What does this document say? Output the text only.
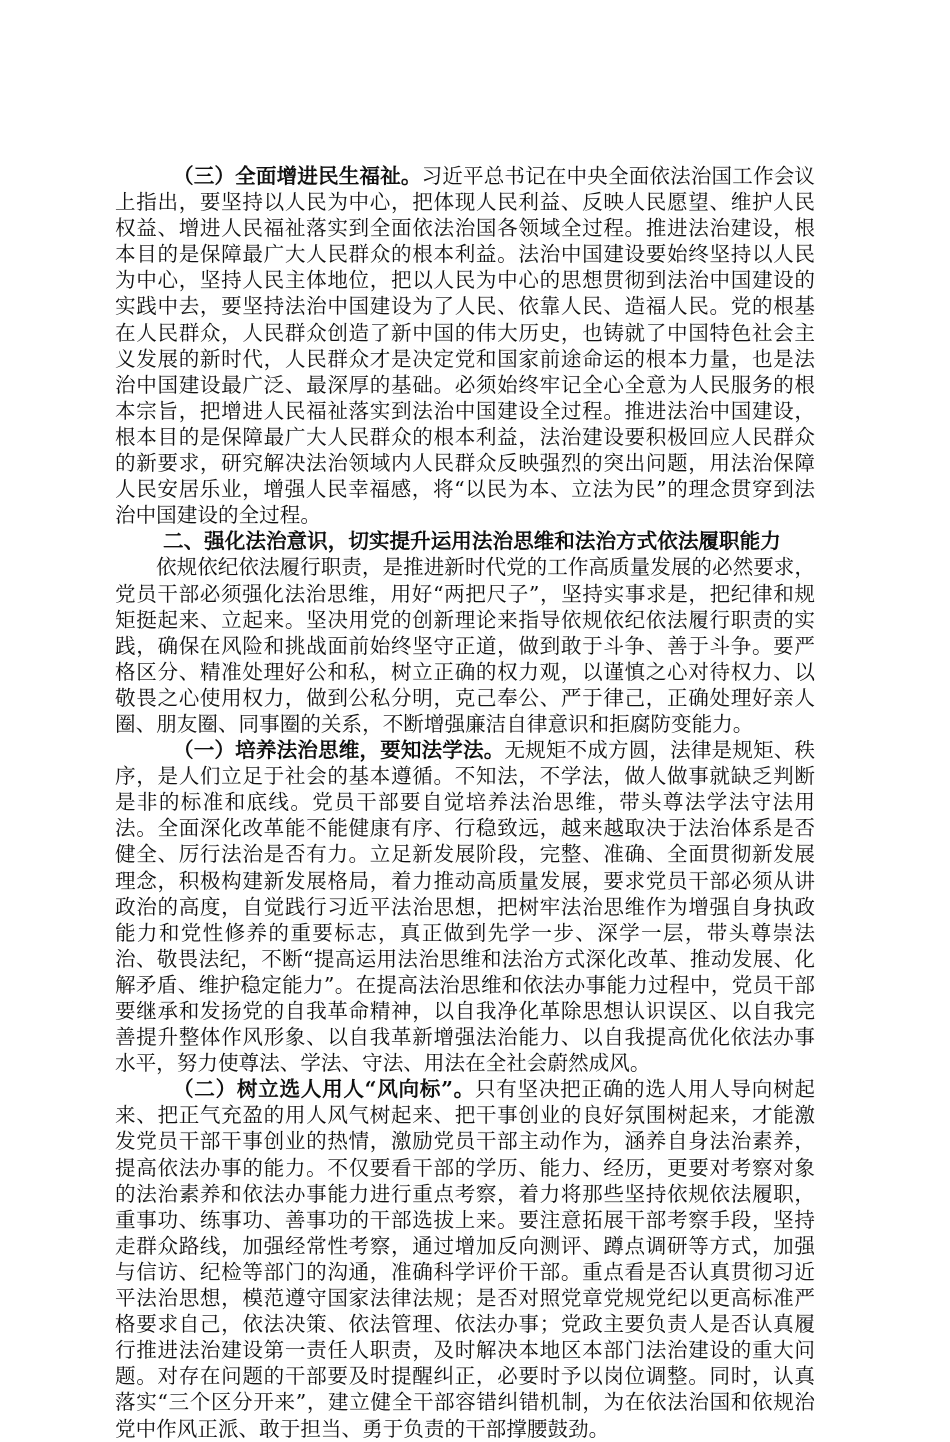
（三）全面增进民生福祉。习近平总书记在中央全面依法治国工作会议上指出，要坚持以人民为中心，把体现人民利益、反映人民愿望、维护人民权益、增进人民福祉落实到全面依法治国各领域全过程。推进法治建设，根本目的是保障最广大人民群众的根本利益。法治中国建设要始终坚持以人民为中心，坚持人民主体地位，把以人民为中心的思想贯彻到法治中国建设的实践中去，要坚持法治中国建设为了人民、依靠人民、造福人民。党的根基在人民群众，人民群众创造了新中国的伟大历史，也铸就了中国特色社会主义发展的新时代，人民群众才是决定党和国家前途命运的根本力量，也是法治中国建设最广泛、最深厚的基础。必须始终牢记全心全意为人民服务的根本宗旨，把增进人民福祉落实到法治中国建设全过程。推进法治中国建设，根本目的是保障最广大人民群众的根本利益，法治建设要积极回应人民群众的新要求，研究解决法治领域内人民群众反映强烈的突出问题，用法治保障人民安居乐业，增强人民幸福感，将“以民为本、立法为民”的理念贯穿到法治中国建设的全过程。

二、强化法治意识，切实提升运用法治思维和法治方式依法履职能力

依规依纪依法履行职责，是推进新时代党的工作高质量发展的必然要求，党员干部必须强化法治思维，用好“两把尺子”，坚持实事求是，把纪律和规矩挺起来、立起来。坚决用党的创新理论来指导依规依纪依法履行职责的实践，确保在风险和挑战面前始终坚守正道，做到敢于斗争、善于斗争。要严格区分、精准处理好公和私，树立正确的权力观，以谨慎之心对待权力、以敬畏之心使用权力，做到公私分明，克己奉公、严于律己，正确处理好亲人圈、朋友圈、同事圈的关系，不断增强廉洁自律意识和拒腐防变能力。

（一）培养法治思维，要知法学法。无规矩不成方圆，法律是规矩、秩序，是人们立足于社会的基本遵循。不知法，不学法，做人做事就缺乏判断是非的标准和底线。党员干部要自觉培养法治思维，带头尊法学法守法用法。全面深化改革能不能健康有序、行稳致远，越来越取决于法治体系是否健全、厉行法治是否有力。立足新发展阶段，完整、准确、全面贯彻新发展理念，积极构建新发展格局，着力推动高质量发展，要求党员干部必须从讲政治的高度，自觉践行习近平法治思想，把树牢法治思维作为增强自身执政能力和党性修养的重要标志，真正做到先学一步、深学一层，带头尊崇法治、敬畏法纪，不断“提高运用法治思维和法治方式深化改革、推动发展、化解矛盾、维护稳定能力”。在提高法治思维和依法办事能力过程中，党员干部要继承和发扬党的自我革命精神，以自我净化革除思想认识误区、以自我完善提升整体作风形象、以自我革新增强法治能力、以自我提高优化依法办事水平，努力使尊法、学法、守法、用法在全社会蔚然成风。

（二）树立选人用人“风向标”。只有坚决把正确的选人用人导向树起来、把正气充盈的用人风气树起来、把干事创业的良好氛围树起来，才能激发党员干部干事创业的热情，激励党员干部主动作为，涵养自身法治素养，提高依法办事的能力。不仅要看干部的学历、能力、经历，更要对考察对象的法治素养和依法办事能力进行重点考察，着力将那些坚持依规依法履职，重事功、练事功、善事功的干部选拔上来。要注意拓展干部考察手段，坚持走群众路线，加强经常性考察，通过增加反向测评、蹲点调研等方式，加强与信访、纪检等部门的沟通，准确科学评价干部。重点看是否认真贯彻习近平法治思想，模范遵守国家法律法规；是否对照党章党规党纪以更高标准严格要求自己，依法决策、依法管理、依法办事；党政主要负责人是否认真履行推进法治建设第一责任人职责，及时解决本地区本部门法治建设的重大问题。对存在问题的干部要及时提醒纠正，必要时予以岗位调整。同时，认真落实“三个区分开来”，建立健全干部容错纠错机制，为在依法治国和依规治党中作风正派、敢于担当、勇于负责的干部撑腰鼓劲。
